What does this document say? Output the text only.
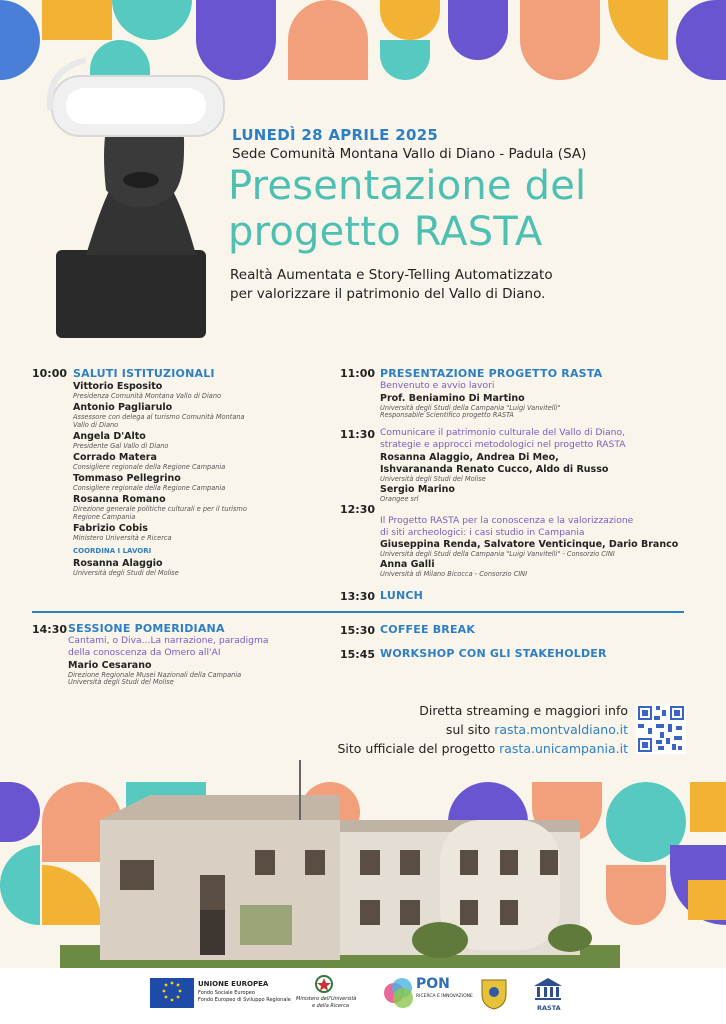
LUNEDÌ 28 APRILE 2025
Sede Comunità Montana Vallo di Diano - Padula (SA)
Presentazione del
progetto RASTA
Realtà Aumentata e Story-Telling Automatizzato
per valorizzare il patrimonio del Vallo di Diano.
10:00 SALUTI ISTITUZIONALI
Vittorio Esposito
Presidenza Comunità Montana Vallo di Diano
Antonio Pagliarulo
Assessore con delega al turismo Comunità Montana
Vallo di Diano
Angela D'Alto
Presidente Gal Vallo di Diano
Corrado Matera
Consigliere regionale della Regione Campania
Tommaso Pellegrino
Consigliere regionale della Regione Campania
Rosanna Romano
Direzione generale politiche culturali e per il turismo
Regione Campania
Fabrizio Cobis
Ministero Università e Ricerca
COORDINA I LAVORI
Rosanna Alaggio
Università degli Studi del Molise
11:00 PRESENTAZIONE PROGETTO RASTA
Benvenuto e avvio lavori
Prof. Beniamino Di Martino
Università degli Studi della Campania "Luigi Vanvitelli"
Responsabile Scientifico progetto RASTA
11:30 Comunicare il patrimonio culturale del Vallo di Diano,
strategie e approcci metodologici nel progetto RASTA
Rosanna Alaggio, Andrea Di Meo,
Ishvarananda Renato Cucco, Aldo di Russo
Università degli Studi del Molise
Sergio Marino
Orangee srl
12:30
Il Progetto RASTA per la conoscenza e la valorizzazione
di siti archeologici: i casi studio in Campania
Giuseppina Renda, Salvatore Venticinque, Dario Branco
Università degli Studi della Campania "Luigi Vanvitelli" - Consorzio CINI
Anna Galli
Università di Milano Bicocca - Consorzio CINI
13:30 LUNCH
14:30 SESSIONE POMERIDIANA
Cantami, o Diva...La narrazione, paradigma
della conoscenza da Omero all'AI
Mario Cesarano
Direzione Regionale Musei Nazionali della Campania
Università degli Studi del Molise
15:30 COFFEE BREAK
15:45 WORKSHOP CON GLI STAKEHOLDER
Diretta streaming e maggiori info
sul sito rasta.montvaldiano.it
Sito ufficiale del progetto rasta.unicampania.it
UNIONE EUROPEA
Fondo Sociale Europeo
Fondo Europeo di Sviluppo Regionale Ministero dell'Università
e della Ricerca
PON
RICERCA E INNOVAZIONE
RASTA
